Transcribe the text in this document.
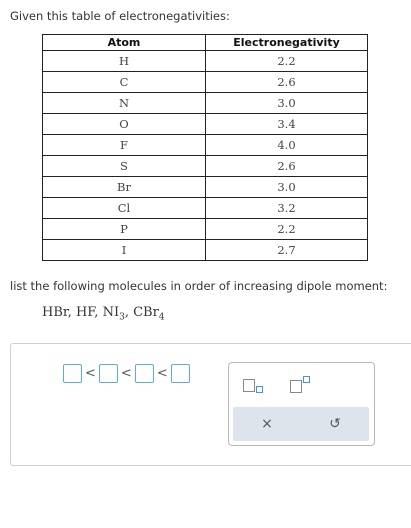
Given this table of electronegativities:
Atom	Electronegativity
H	2.2
C	2.6
N	3.0
O	3.4
F	4.0
S	2.6
Br	3.0
Cl	3.2
P	2.2
I	2.7
list the following molecules in order of increasing dipole moment:
HBr, HF, $NI_3$, CBr$_4$
< < <
×	↺
